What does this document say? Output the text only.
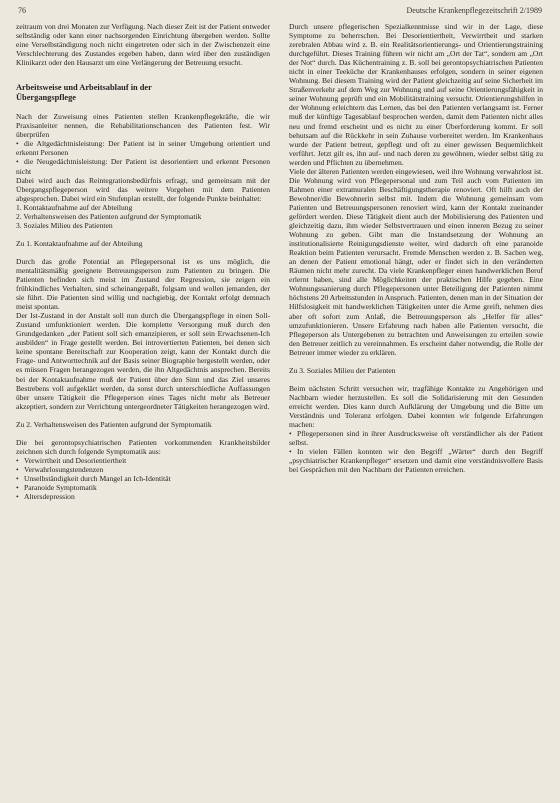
76	Deutsche Krankenpflegezeitschrift 2/1989

zeitraum von drei Monaten zur Verfügung. Nach dieser Zeit ist der Patient entweder selbständig oder kann einer nachsorgenden Einrichtung übergeben werden. Sollte eine Verselbständigung noch nicht eingetreten oder sich in der Zwischenzeit eine Verschlechterung des Zustandes ergeben haben, dann wird über den zuständigen Klinikarzt oder den Hausarzt um eine Verlängerung der Betreuung ersucht.

Arbeitsweise und Arbeitsablauf in der
Übergangspflege

Nach der Zuweisung eines Patienten stellen Krankenpflegekräfte, die wir Praxisanleiter nennen, die Rehabilitationschancen des Patienten fest. Wir überprüfen

• die Altgedächtnisleistung: Der Patient ist in seiner Umgebung orientiert und erkennt Personen

• die Neugedächtnisleistung: Der Patient ist desorientiert und erkennt Personen nicht

Dabei wird auch das Reintegrationsbedürfnis erfragt, und gemeinsam mit der Übergangspflegeperson wird das weitere Vorgehen mit dem Patienten abgesprochen. Dabei wird ein Stufenplan erstellt, der folgende Punkte beinhaltet:

1. Kontaktaufnahme auf der Abteilung

2. Verhaltensweisen des Patienten aufgrund der Symptomatik

3. Soziales Milieu des Patienten

Zu 1. Kontaktaufnahme auf der Abteilung

Durch das große Potential an Pflegepersonal ist es uns möglich, die mentalitätsmäßig geeignete Betreuungsperson zum Patienten zu bringen. Die Patienten befinden sich meist im Zustand der Regression, sie zeigen ein frühkindliches Verhalten, sind scheinangepaßt, folgsam und wollen jemanden, der sie führt. Die Patienten sind willig und nachgiebig, der Kontakt erfolgt demnach meist spontan.

Der Ist-Zustand in der Anstalt soll nun durch die Übergangspflege in einen Soll-Zustand umfunktioniert werden. Die komplette Versorgung muß durch den Grundgedanken „der Patient soll sich emanzipieren, er soll sein Erwachsenen-Ich ausbilden“ in Frage gestellt werden. Bei introvertierten Patienten, bei denen sich keine spontane Bereitschaft zur Kooperation zeigt, kann der Kontakt durch die Frage- und Antworttechnik auf der Basis seiner Biographie hergestellt werden, oder es müssen Fragen herangezogen werden, die ihn Altgedächtnis ansprechen. Bereits bei der Kontaktaufnahme muß der Patient über den Sinn und das Ziel unseres Bestrebens voll aufgeklärt werden, da sonst durch unterschiedliche Auffassungen über unsere Tätigkeit die Pflegeperson eines Tages nicht mehr als Betreuer akzeptiert, sondern zur Verrichtung untergeordneter Tätigkeiten herangezogen wird.

Zu 2. Verhaltensweisen des Patienten aufgrund der Symptomatik

Die bei gerontopsychiatrischen Patienten vorkommenden Krankheitsbilder zeichnen sich durch folgende Symptomatik aus:

• Verwirrtheit und Desorientiertheit
• Verwahrlosungstendenzen
• Unselbständigkeit durch Mangel an Ich-Identität
• Paranoide Symptomatik
• Altersdepression

Durch unsere pflegerischen Spezialkenntnisse sind wir in der Lage, diese Symptome zu beherrschen. Bei Desorientiertheit, Verwirrtheit und starken zerebralen Abbau wird z. B. ein Realitätsorientierungs- und Orientierungstraining durchgeführt. Dieses Training führen wir nicht am „Ort der Tat“, sondern am „Ort der Not“ durch. Das Küchentraining z. B. soll bei gerontopsychiatrischen Patienten nicht in einer Teeküche der Krankenhauses erfolgen, sondern in seiner eigenen Wohnung. Bei diesem Training wird der Patient gleichzeitig auf seine Sicherheit im Straßenverkehr auf dem Weg zur Wohnung und auf seine Orientierungsfähigkeit in seiner Wohnung geprüft und ein Mobilitätstraining versucht. Orientierungshilfen in der Wohnung erleichtern das Lernen, das bei den Patienten verlangsamt ist. Ferner muß der künftige Tagesablauf besprochen werden, damit dem Patienten nicht alles neu und fremd erscheint und es nicht zu einer Überforderung kommt. Er soll behutsam auf die Rückkehr in sein Zuhause vorbereitet werden. Im Krankenhaus wurde der Patient betreut, gepflegt und oft zu einer gewissen Bequemlichkeit verführt. Jetzt gilt es, ihn auf- und nach deren zu gewöhnen, wieder selbst tätig zu werden und Pflichten zu übernehmen.

Viele der älteren Patienten werden eingewiesen, weil ihre Wohnung verwahrlost ist. Die Wohnung wird von Pflegepersonal und zum Teil auch vom Patienten im Rahmen einer extramuralen Beschäftigungstherapie renoviert. Oft hilft auch der Bewohner/die Bewohnerin selbst mit. Indem die Wohnung gemeinsam vom Patienten und Betreuungspersonen renoviert wird, kann der Kontakt zueinander gefördert werden. Diese Tätigkeit dient auch der Mobilisierung des Patienten und gleichzeitig dazu, ihm wieder Selbstvertrauen und einen inneren Bezug zu seiner Wohnung zu geben. Gibt man die Instandsetzung der Wohnung an institutionalisierte Reinigungsdienste weiter, wird dadurch oft eine paranoide Reaktion beim Patienten verursacht. Fremde Menschen werden z. B. Sachen weg, an denen der Patient emotional hängt, oder er findet sich in den veränderten Räumen nicht mehr zurecht. Da viele Krankenpfleger einen handwerklichen Beruf erlernt haben, sind alle Möglichkeiten der praktischen Hilfe gegeben. Eine Wohnungssanierung durch Pflegepersonen unter Beteiligung der Patienten nimmt höchstens 20 Arbeitsstunden in Anspruch. Patienten, denen man in der Situation der Hilfslosigkeit mit handwerklichen Tätigkeiten unter die Arme greift, nehmen dies aber oft sofort zum Anlaß, die Betreuungsperson als „Helfer für alles“ umzufunktionieren. Unsere Erfahrung nach haben alle Patienten versucht, die Pflegeperson als Untergebenen zu betrachten und Anweisungen zu erteilen sowie den Betreuer zeitlich zu vereinnahmen. Es erscheint daher notwendig, die Rolle der Betreuer immer wieder zu erklären.

Zu 3. Soziales Milieu der Patienten

Beim nächsten Schritt versuchen wir, tragfähige Kontakte zu Angehörigen und Nachbarn wieder herzustellen. Es soll die Solidarisierung mit den Gesunden erreicht werden. Dies kann durch Aufklärung der Umgebung und die Bitte um Verständnis und Toleranz erfolgen. Dabei konnten wir folgende Erfahrungen machen:

• Pflegepersonen sind in ihrer Ausdrucksweise oft verständlicher als der Patient selbst.

• In vielen Fällen konnten wir den Begriff „Wärter“ durch den Begriff „psychiatrischer Krankenpfleger“ ersetzen und damit eine verständnisvollere Basis bei Gesprächen mit den Nachbarn der Patienten erreichen.
